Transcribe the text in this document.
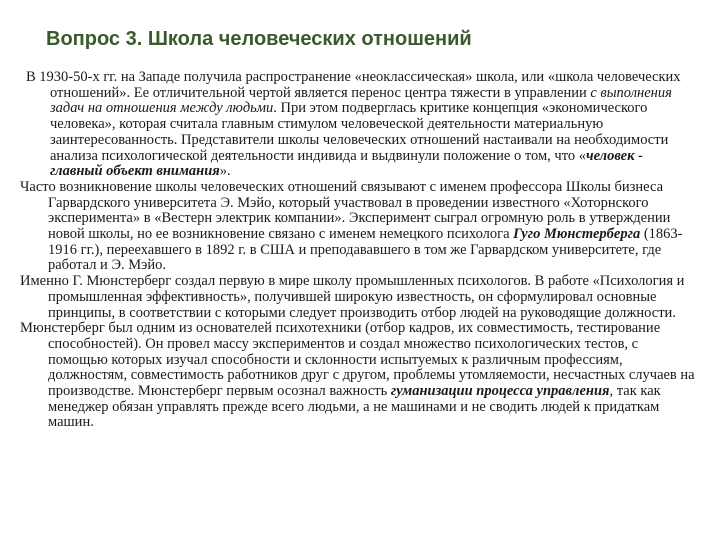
Вопрос 3. Школа человеческих отношений

В 1930-50-х гг. на Западе получила распространение «неоклассическая» школа, или «школа человеческих отношений». Ее отличительной чертой является перенос центра тяжести в управлении с выполнения задач на отношения между людьми. При этом подверглась критике концепция «экономического человека», которая считала главным стимулом человеческой деятельности материальную заинтересованность. Представители школы человеческих отношений настаивали на необходимости анализа психологической деятельности индивида и выдвинули положение о том, что «человек - главный объект внимания».

Часто возникновение школы человеческих отношений связывают с именем профессора Школы бизнеса Гарвардского университета Э. Мэйо, который участвовал в проведении известного «Хоторнского эксперимента» в «Вестерн электрик компании». Эксперимент сыграл огромную роль в утверждении новой школы, но ее возникновение связано с именем немецкого психолога Гуго Мюнстерберга (1863-1916 гг.), переехавшего в 1892 г. в США и преподававшего в том же Гарвардском университете, где работал и Э. Мэйо.

Именно Г. Мюнстерберг создал первую в мире школу промышленных психологов. В работе «Психология и промышленная эффективность», получившей широкую известность, он сформулировал основные принципы, в соответствии с которыми следует производить отбор людей на руководящие должности.

Мюнстерберг был одним из основателей психотехники (отбор кадров, их совместимость, тестирование способностей). Он провел массу экспериментов и создал множество психологических тестов, с помощью которых изучал способности и склонности испытуемых к различным профессиям, должностям, совместимость работников друг с другом, проблемы утомляемости, несчастных случаев на производстве. Мюнстерберг первым осознал важность гуманизации процесса управления, так как менеджер обязан управлять прежде всего людьми, а не машинами и не сводить людей к придаткам машин.
